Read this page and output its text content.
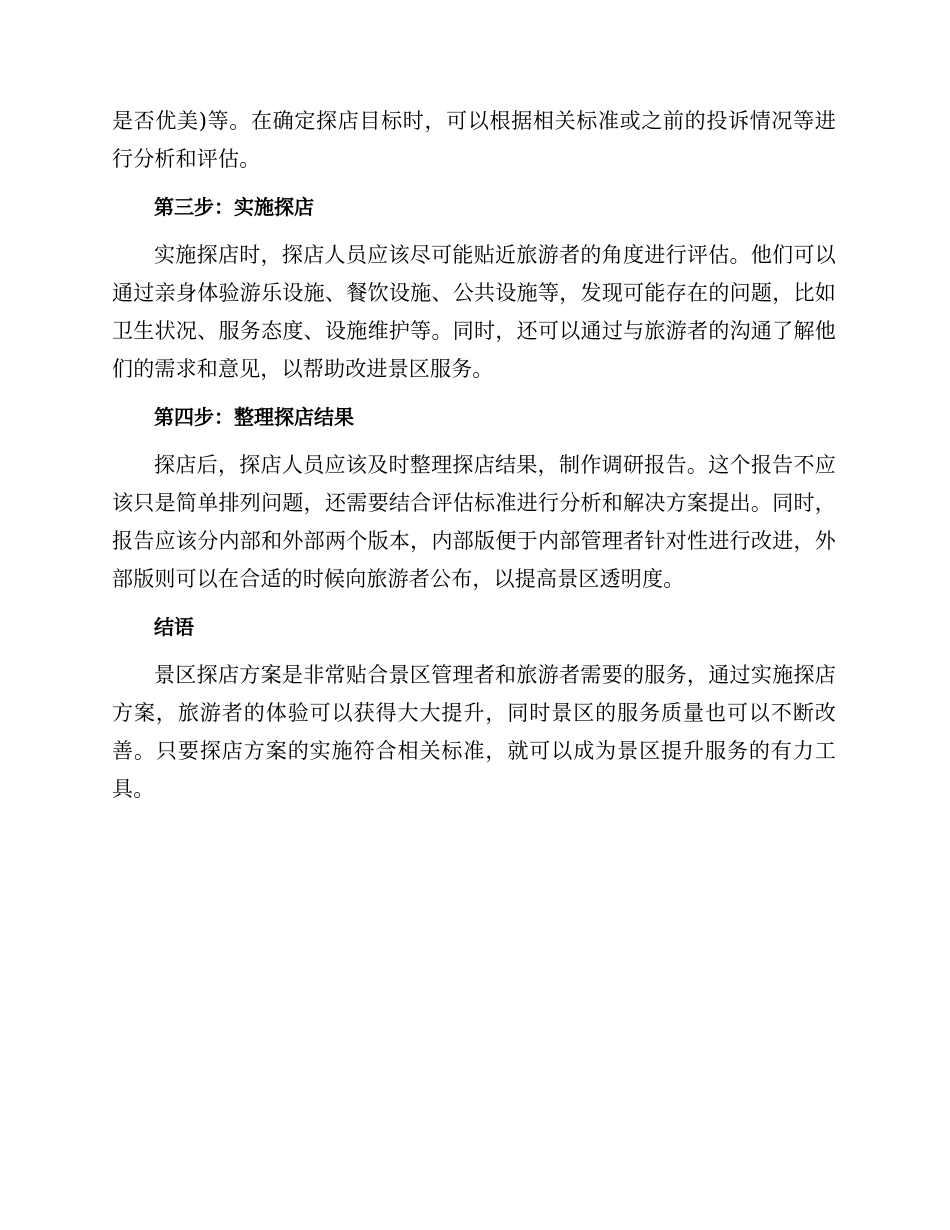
是否优美)等。在确定探店目标时，可以根据相关标准或之前的投诉情况等进行分析和评估。

第三步：实施探店

实施探店时，探店人员应该尽可能贴近旅游者的角度进行评估。他们可以通过亲身体验游乐设施、餐饮设施、公共设施等，发现可能存在的问题，比如卫生状况、服务态度、设施维护等。同时，还可以通过与旅游者的沟通了解他们的需求和意见，以帮助改进景区服务。

第四步：整理探店结果

探店后，探店人员应该及时整理探店结果，制作调研报告。这个报告不应该只是简单排列问题，还需要结合评估标准进行分析和解决方案提出。同时，报告应该分内部和外部两个版本，内部版便于内部管理者针对性进行改进，外部版则可以在合适的时候向旅游者公布，以提高景区透明度。

结语

景区探店方案是非常贴合景区管理者和旅游者需要的服务，通过实施探店方案，旅游者的体验可以获得大大提升，同时景区的服务质量也可以不断改善。只要探店方案的实施符合相关标准，就可以成为景区提升服务的有力工具。
